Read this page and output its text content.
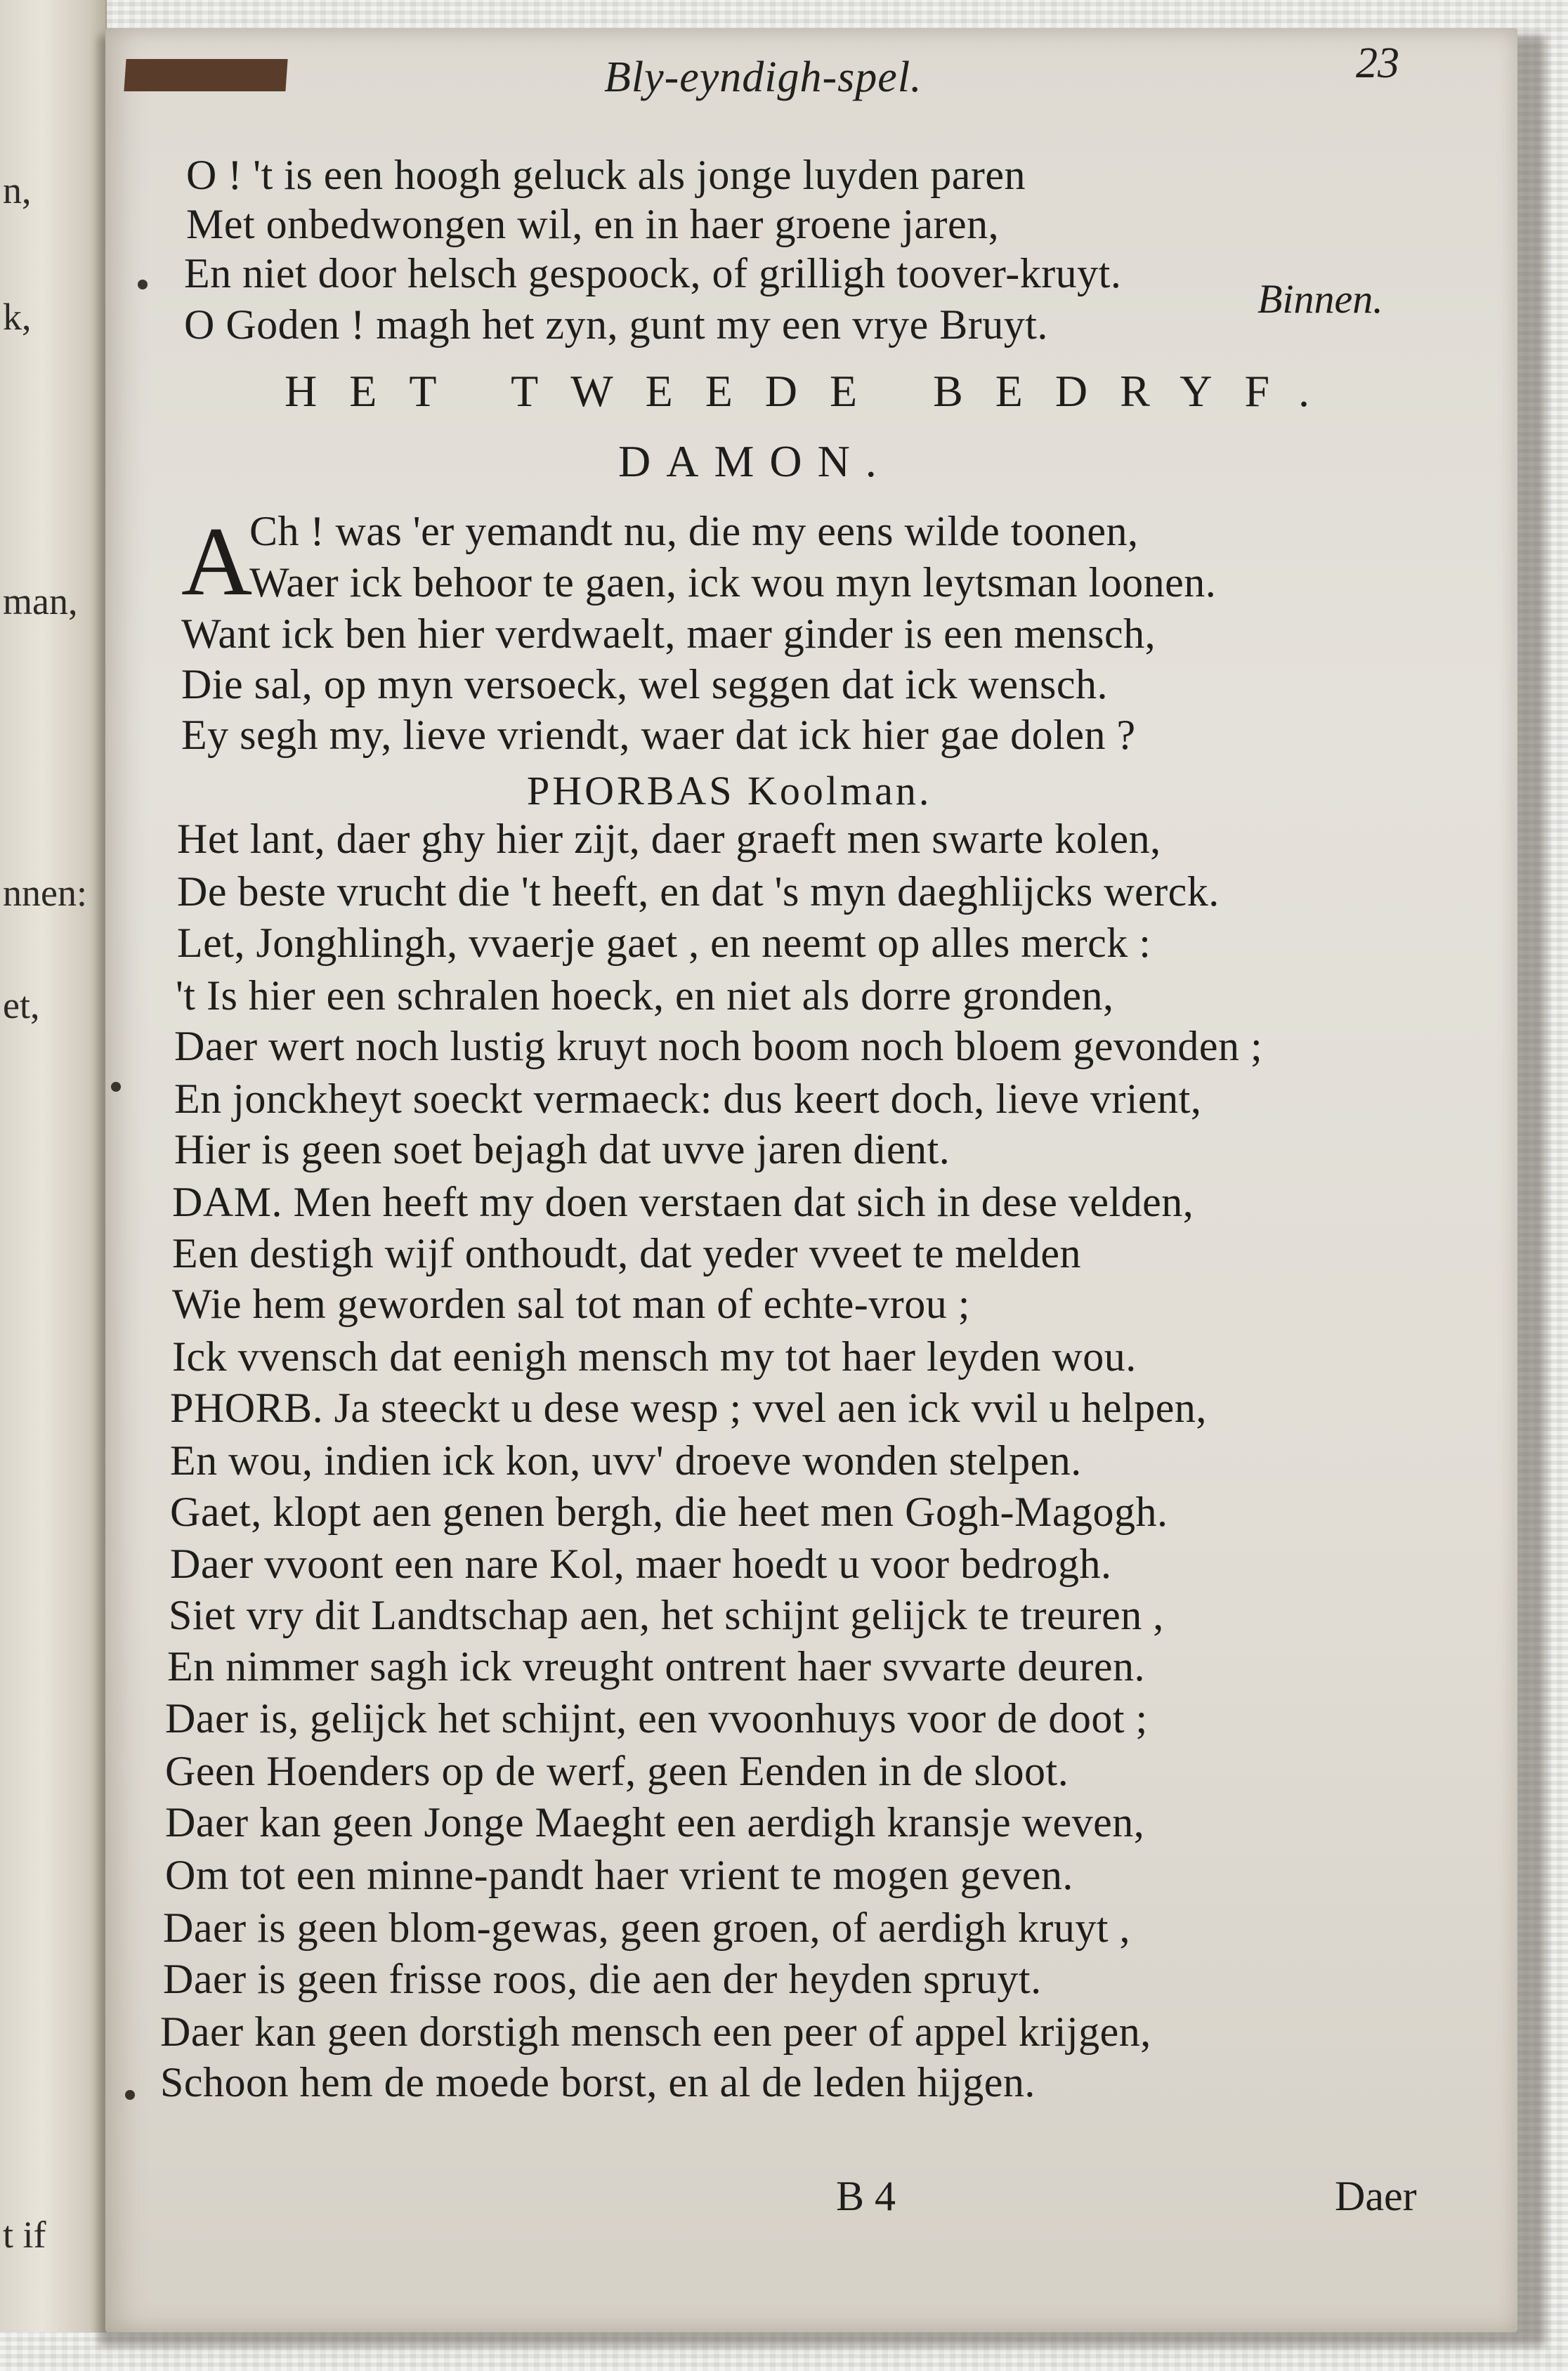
n,
k,
man,
nnen:
et,
t if
Bly-eyndigh-spel.	23
O ! 't is een hoogh geluck als jonge luyden paren
Met onbedwongen wil, en in haer groene jaren,
En niet door helsch gespoock, of grilligh toover-kruyt.
O Goden ! magh het zyn, gunt my een vrye Bruyt.
Binnen.
HET TWEEDE BEDRYF.
DAMON.
A
Ch ! was 'er yemandt nu, die my eens wilde toonen,
Waer ick behoor te gaen, ick wou myn leytsman loonen.
Want ick ben hier verdwaelt, maer ginder is een mensch,
Die sal, op myn versoeck, wel seggen dat ick wensch.
Ey segh my, lieve vriendt, waer dat ick hier gae dolen ?
PHORBAS Koolman.
Het lant, daer ghy hier zijt, daer graeft men swarte kolen,
De beste vrucht die 't heeft, en dat 's myn daeghlijcks werck.
Let, Jonghlingh, vvaerje gaet , en neemt op alles merck :
't Is hier een schralen hoeck, en niet als dorre gronden,
Daer wert noch lustig kruyt noch boom noch bloem gevonden ;
En jonckheyt soeckt vermaeck: dus keert doch, lieve vrient,
Hier is geen soet bejagh dat uvve jaren dient.
DAM. Men heeft my doen verstaen dat sich in dese velden,
Een destigh wijf onthoudt, dat yeder vveet te melden
Wie hem geworden sal tot man of echte-vrou ;
Ick vvensch dat eenigh mensch my tot haer leyden wou.
PHORB. Ja steeckt u dese wesp ; vvel aen ick vvil u helpen,
En wou, indien ick kon, uvv' droeve wonden stelpen.
Gaet, klopt aen genen bergh, die heet men Gogh-Magogh.
Daer vvoont een nare Kol, maer hoedt u voor bedrogh.
Siet vry dit Landtschap aen, het schijnt gelijck te treuren ,
En nimmer sagh ick vreught ontrent haer svvarte deuren.
Daer is, gelijck het schijnt, een vvoonhuys voor de doot ;
Geen Hoenders op de werf, geen Eenden in de sloot.
Daer kan geen Jonge Maeght een aerdigh kransje weven,
Om tot een minne-pandt haer vrient te mogen geven.
Daer is geen blom-gewas, geen groen, of aerdigh kruyt ,
Daer is geen frisse roos, die aen der heyden spruyt.
Daer kan geen dorstigh mensch een peer of appel krijgen,
Schoon hem de moede borst, en al de leden hijgen.
B 4	Daer
